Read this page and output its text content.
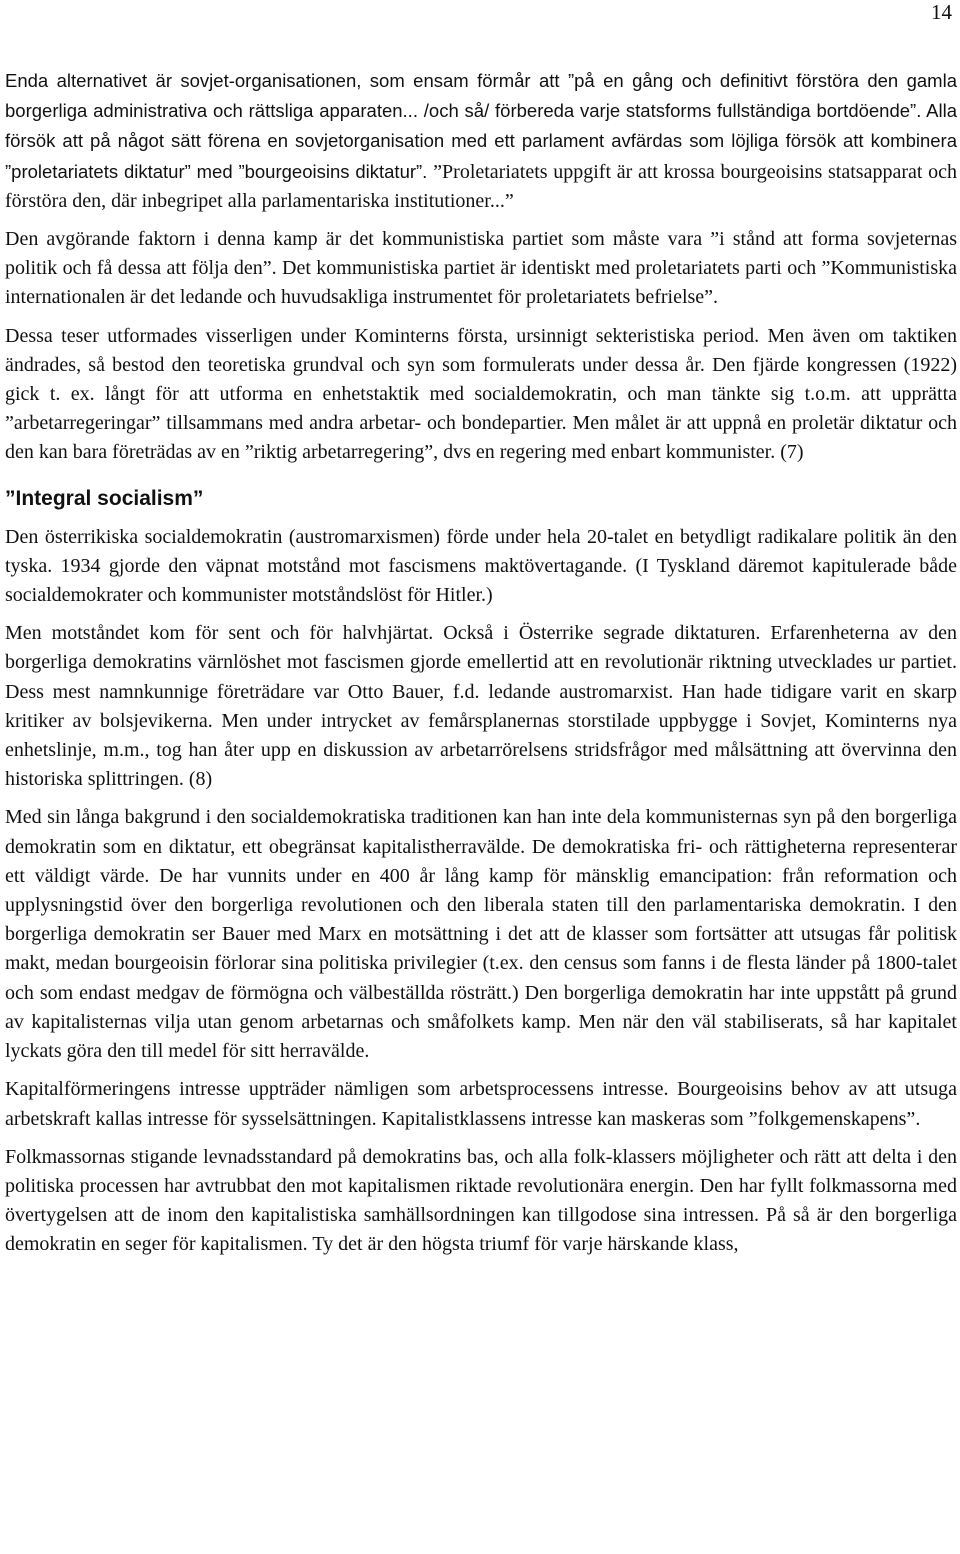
14

Enda alternativet är sovjet-organisationen, som ensam förmår att ”på en gång och definitivt förstöra den gamla borgerliga administrativa och rättsliga apparaten... /och så/ förbereda varje statsforms fullständiga bortdöende”. Alla försök att på något sätt förena en sovjetorganisation med ett parlament avfärdas som löjliga försök att kombinera ”proletariatets diktatur” med ”bourgeoisins diktatur”. ”Proletariatets uppgift är att krossa bourgeoisins statsapparat och förstöra den, där inbegripet alla parlamentariska institutioner...”

Den avgörande faktorn i denna kamp är det kommunistiska partiet som måste vara ”i stånd att forma sovjeternas politik och få dessa att följa den”. Det kommunistiska partiet är identiskt med proletariatets parti och ”Kommunistiska internationalen är det ledande och huvudsakliga instrumentet för proletariatets befrielse”.

Dessa teser utformades visserligen under Kominterns första, ursinnigt sekteristiska period. Men även om taktiken ändrades, så bestod den teoretiska grundval och syn som formulerats under dessa år. Den fjärde kongressen (1922) gick t. ex. långt för att utforma en enhetstaktik med socialdemokratin, och man tänkte sig t.o.m. att upprätta ”arbetarregeringar” tillsammans med andra arbetar- och bondepartier. Men målet är att uppnå en proletär diktatur och den kan bara företrädas av en ”riktig arbetarregering”, dvs en regering med enbart kommunister. (7)

”Integral socialism”

Den österrikiska socialdemokratin (austromarxismen) förde under hela 20-talet en betydligt radikalare politik än den tyska. 1934 gjorde den väpnat motstånd mot fascismens maktövertagande. (I Tyskland däremot kapitulerade både socialdemokrater och kommunister motståndslöst för Hitler.)

Men motståndet kom för sent och för halvhjärtat. Också i Österrike segrade diktaturen. Erfarenheterna av den borgerliga demokratins värnlöshet mot fascismen gjorde emellertid att en revolutionär riktning utvecklades ur partiet. Dess mest namnkunnige företrädare var Otto Bauer, f.d. ledande austromarxist. Han hade tidigare varit en skarp kritiker av bolsjevikerna. Men under intrycket av femårsplanernas storstilade uppbygge i Sovjet, Kominterns nya enhetslinje, m.m., tog han åter upp en diskussion av arbetarrörelsens stridsfrågor med målsättning att övervinna den historiska splittringen. (8)

Med sin långa bakgrund i den socialdemokratiska traditionen kan han inte dela kommunisternas syn på den borgerliga demokratin som en diktatur, ett obegränsat kapitalistherravälde. De demokratiska fri- och rättigheterna representerar ett väldigt värde. De har vunnits under en 400 år lång kamp för mänsklig emancipation: från reformation och upplysningstid över den borgerliga revolutionen och den liberala staten till den parlamentariska demokratin. I den borgerliga demokratin ser Bauer med Marx en motsättning i det att de klasser som fortsätter att utsugas får politisk makt, medan bourgeoisin förlorar sina politiska privilegier (t.ex. den census som fanns i de flesta länder på 1800-talet och som endast medgav de förmögna och välbeställda rösträtt.) Den borgerliga demokratin har inte uppstått på grund av kapitalisternas vilja utan genom arbetarnas och småfolkets kamp. Men när den väl stabiliserats, så har kapitalet lyckats göra den till medel för sitt herravälde.

Kapitalförmeringens intresse uppträder nämligen som arbetsprocessens intresse. Bourgeoisins behov av att utsuga arbetskraft kallas intresse för sysselsättningen. Kapitalistklassens intresse kan maskeras som ”folkgemenskapens”.

Folkmassornas stigande levnadsstandard på demokratins bas, och alla folk-klassers möjligheter och rätt att delta i den politiska processen har avtrubbat den mot kapitalismen riktade revolutionära energin. Den har fyllt folkmassorna med övertygelsen att de inom den kapitalistiska samhällsordningen kan tillgodose sina intressen. På så är den borgerliga demokratin en seger för kapitalismen. Ty det är den högsta triumf för varje härskande klass,
